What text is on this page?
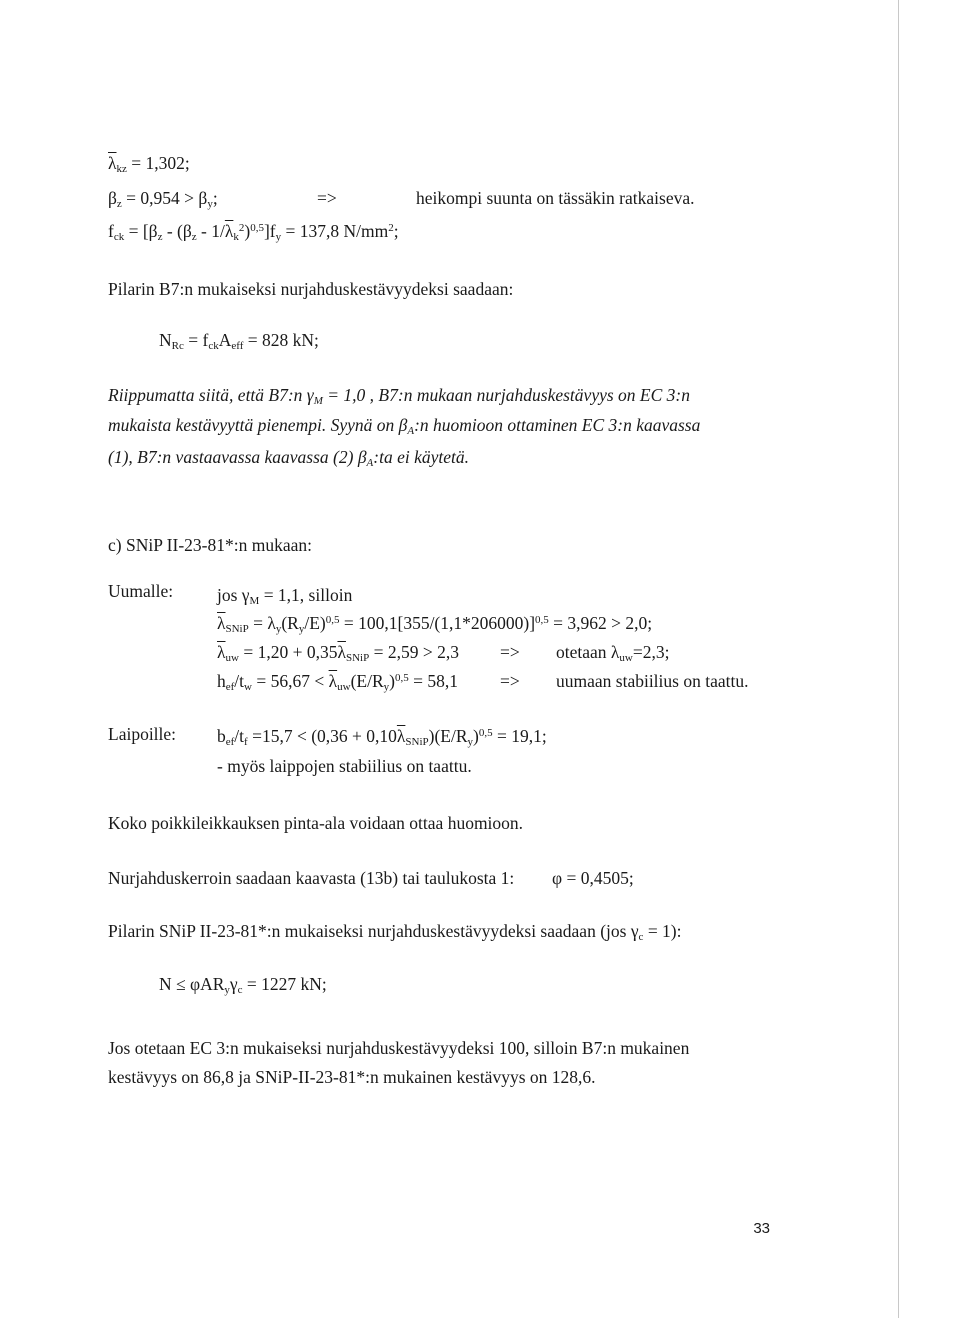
$\overline{\lambda}_{kz} = 1,302$;
$\beta_z = 0,954 > \beta_y$;	=>	heikompi suunta on tässäkin ratkaiseva.
$f_{ck} = [\beta_z - (\beta_z - 1/\overline{\lambda}_k^2)^{0,5}]f_y = 137,8$ $N/mm^2$;
Pilarin B7:n mukaiseksi nurjahduskestävyydeksi saadaan:
$N_{Rc} = f_{ck}A_{eff} = 828$ kN;
Riippumatta siitä, että B7:n $\gamma_M = 1,0$ , B7:n mukaan nurjahduskestävyys on EC 3:n
mukaista kestävyyttä pienempi. Syynä on $\beta_A:n$ huomioon ottaminen EC 3:n kaavassa
(1), B7:n vastaavassa kaavassa (2) $\beta_A:ta$ ei käytetä.
c) SNiP II-23-81*:n mukaan:
Uumalle:	jos $\gamma_M = 1,1$, silloin
$\overline{\lambda}_{SNiP} = \lambda_y(R_y/E)^{0,5} = 100,1[355/(1,1*206000)]^{0,5} = 3,962 > 2,0$;
$\overline{\lambda}_{uw} = 1,20 + 0,35\overline{\lambda}_{SNiP} = 2,59 > 2,3$ => otetaan $\lambda_{uw}=2,3$;
$h_{ef}/t_w = 56,67 < \overline{\lambda}_{uw}(E/R_y)^{0,5} = 58,1$ => uumaan stabiilius on taattu.
Laipoille: $b_{ef}/t_f =15,7 < (0,36 + 0,10\overline{\lambda}_{SNiP})(E/R_y)^{0,5} = 19,1$;
- myös laippojen stabiilius on taattu.
Koko poikkileikkauksen pinta-ala voidaan ottaa huomioon.
Nurjahduskerroin saadaan kaavasta (13b) tai taulukosta 1: φ = 0,4505;
Pilarin SNiP II-23-81*:n mukaiseksi nurjahduskestävyydeksi saadaan (jos $\gamma_c = 1$):
$N \le \varphi AR_y\gamma_c = 1227$ kN;
Jos otetaan EC 3:n mukaiseksi nurjahduskestävyydeksi 100, silloin B7:n mukainen
kestävyys on 86,8 ja SNiP-II-23-81*:n mukainen kestävyys on 128,6.
33
